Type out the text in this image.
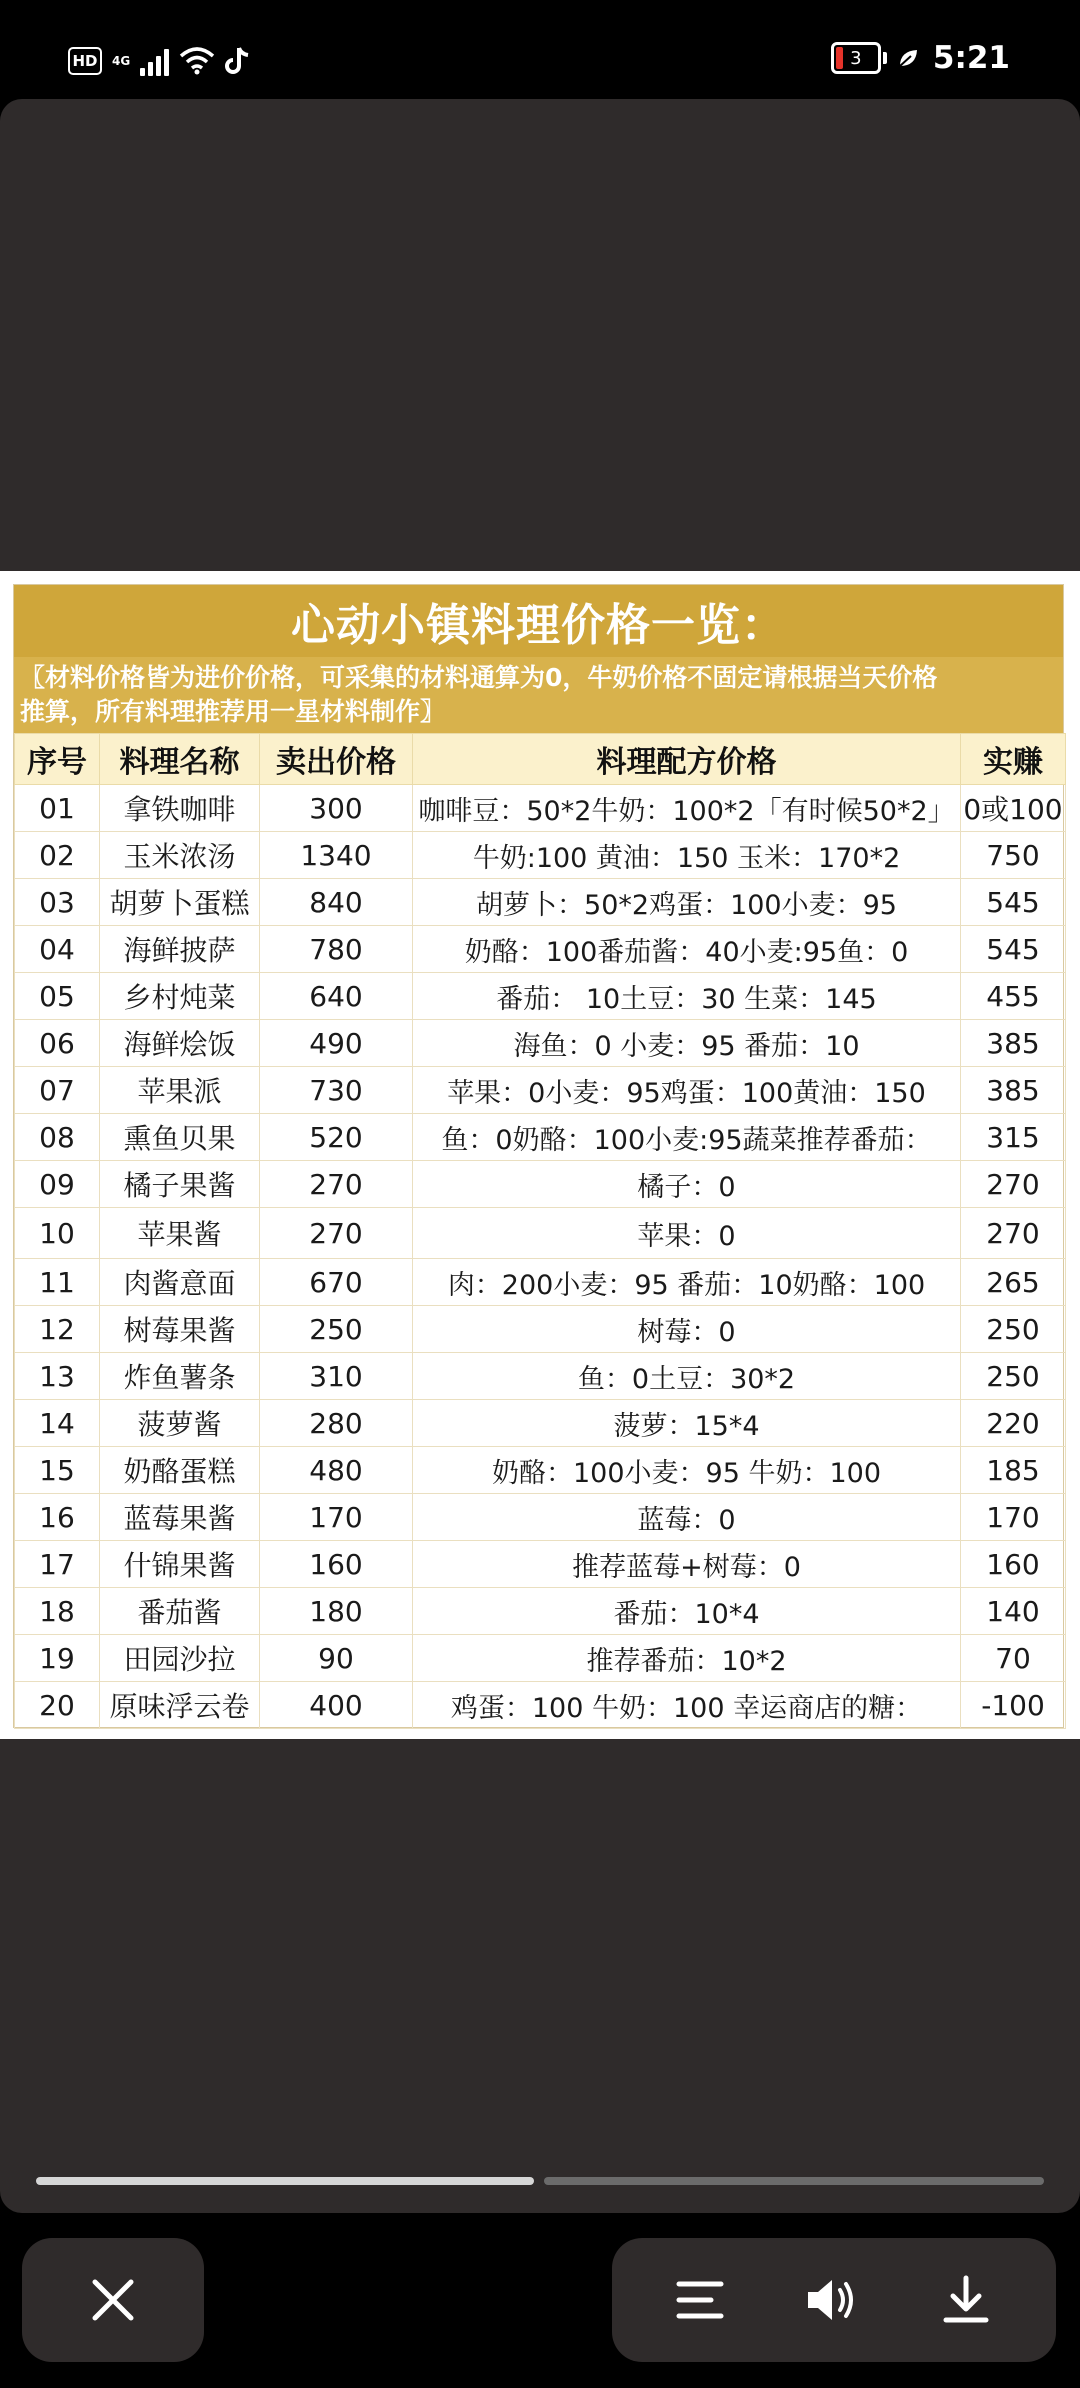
HD	4G	3 5:21
心动小镇料理价格一览：
〖材料价格皆为进价价格，可采集的材料通算为0，牛奶价格不固定请根据当天价格
推算，所有料理推荐用一星材料制作〗
序号	料理名称	卖出价格	料理配方价格	实赚
01	拿铁咖啡	300	咖啡豆：50*2牛奶：100*2「有时候50*2」	0或100
02	玉米浓汤	1340	牛奶:100 黄油：150 玉米：170*2	750
03	胡萝卜蛋糕	840	胡萝卜：50*2鸡蛋：100小麦：95	545
04	海鲜披萨	780	奶酪：100番茄酱：40小麦:95鱼：0	545
05	乡村炖菜	640	番茄： 10土豆：30 生菜：145	455
06	海鲜烩饭	490	海鱼：0 小麦：95 番茄：10	385
07	苹果派	730	苹果：0小麦：95鸡蛋：100黄油：150	385
08	熏鱼贝果	520	鱼：0奶酪：100小麦:95蔬菜推荐番茄：	315
09	橘子果酱	270	橘子：0	270
10	苹果酱	270	苹果：0	270
11	肉酱意面	670	肉：200小麦：95 番茄：10奶酪：100	265
12	树莓果酱	250	树莓：0	250
13	炸鱼薯条	310	鱼：0土豆：30*2	250
14	菠萝酱	280	菠萝：15*4	220
15	奶酪蛋糕	480	奶酪：100小麦：95 牛奶：100	185
16	蓝莓果酱	170	蓝莓：0	170
17	什锦果酱	160	推荐蓝莓+树莓：0	160
18	番茄酱	180	番茄：10*4	140
19	田园沙拉	90	推荐番茄：10*2	70
20	原味浮云卷	400	鸡蛋：100 牛奶：100 幸运商店的糖：	-100
